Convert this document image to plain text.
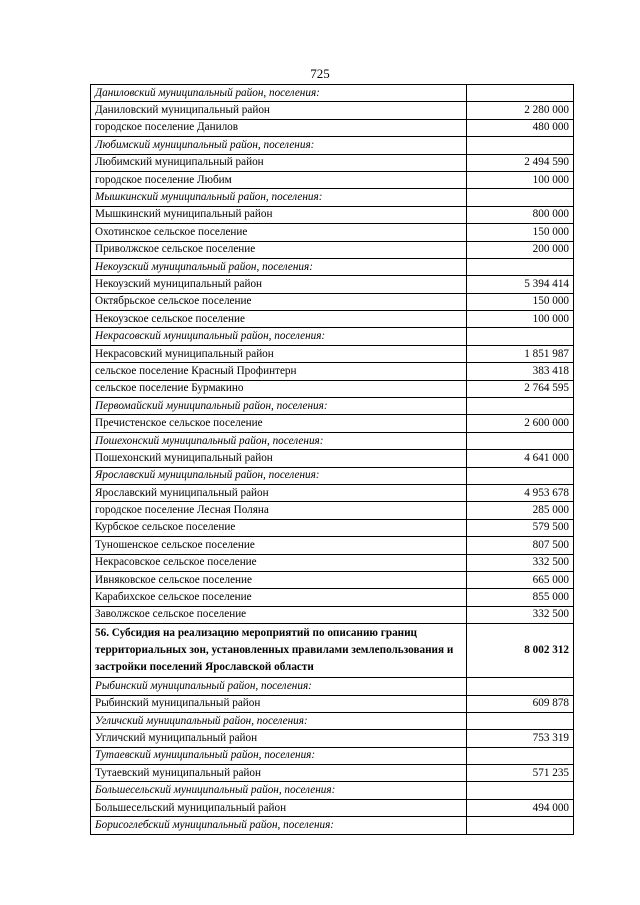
725
Даниловский муниципальный район, поселения:	
Даниловский муниципальный район	2 280 000
городское поселение Данилов	480 000
Любимский муниципальный район, поселения:	
Любимский муниципальный район	2 494 590
городское поселение Любим	100 000
Мышкинский муниципальный район, поселения:	
Мышкинский муниципальный район	800 000
Охотинское сельское поселение	150 000
Приволжское сельское поселение	200 000
Некоузский муниципальный район, поселения:	
Некоузский муниципальный район	5 394 414
Октябрьское сельское поселение	150 000
Некоузское сельское поселение	100 000
Некрасовский муниципальный район, поселения:	
Некрасовский муниципальный район	1 851 987
сельское поселение Красный Профинтерн	383 418
сельское поселение Бурмакино	2 764 595
Первомайский муниципальный район, поселения:	
Пречистенское сельское поселение	2 600 000
Пошехонский муниципальный район, поселения:	
Пошехонский муниципальный район	4 641 000
Ярославский муниципальный район, поселения:	
Ярославский муниципальный район	4 953 678
городское поселение Лесная Поляна	285 000
Курбское сельское поселение	579 500
Туношенское сельское поселение	807 500
Некрасовское сельское поселение	332 500
Ивняковское сельское поселение	665 000
Карабихское сельское поселение	855 000
Заволжское сельское поселение	332 500
56. Субсидия на реализацию мероприятий по описанию границ территориальных зон, установленных правилами землепользования и застройки поселений Ярославской области	8 002 312
Рыбинский муниципальный район, поселения:	
Рыбинский муниципальный район	609 878
Угличский муниципальный район, поселения:	
Угличский муниципальный район	753 319
Тутаевский муниципальный район, поселения:	
Тутаевский муниципальный район	571 235
Большесельский муниципальный район, поселения:	
Большесельский муниципальный район	494 000
Борисоглебский муниципальный район, поселения:	
